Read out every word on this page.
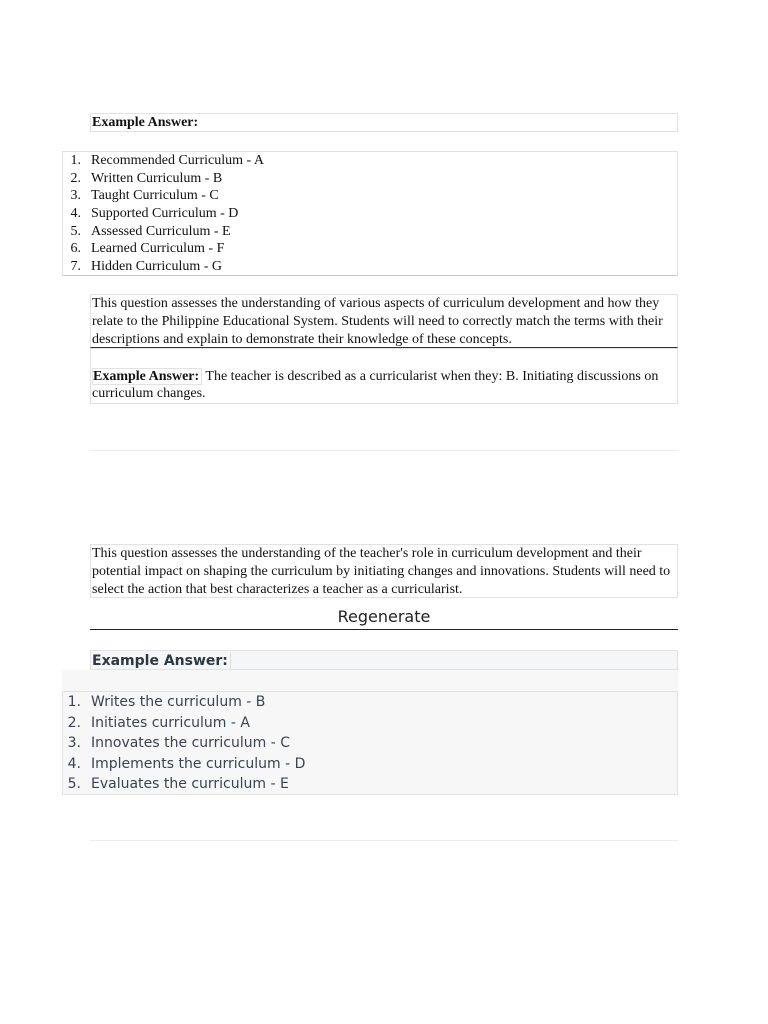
Example Answer:
1. Recommended Curriculum - A
2. Written Curriculum - B
3. Taught Curriculum - C
4. Supported Curriculum - D
5. Assessed Curriculum - E
6. Learned Curriculum - F
7. Hidden Curriculum - G
This question assesses the understanding of various aspects of curriculum development and how they relate to the Philippine Educational System. Students will need to correctly match the terms with their descriptions and explain to demonstrate their knowledge of these concepts.
Example Answer: The teacher is described as a curricularist when they: B. Initiating discussions on curriculum changes.
This question assesses the understanding of the teacher's role in curriculum development and their potential impact on shaping the curriculum by initiating changes and innovations. Students will need to select the action that best characterizes a teacher as a curricularist.
Regenerate
Example Answer:
1. Writes the curriculum - B
2. Initiates curriculum - A
3. Innovates the curriculum - C
4. Implements the curriculum - D
5. Evaluates the curriculum - E
